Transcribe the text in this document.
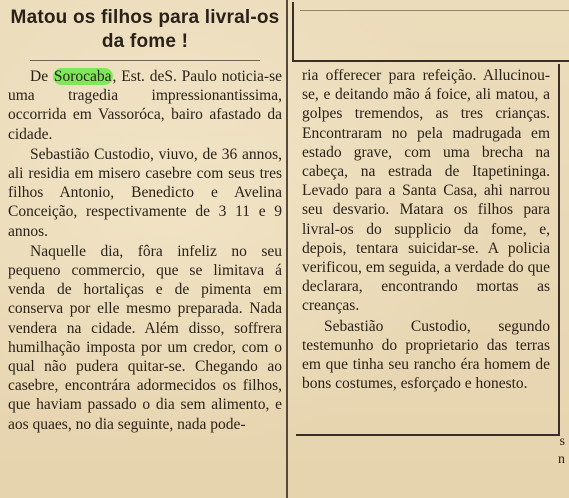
Matou os filhos para livral-os
da fome !

De Sorocaba, Est. deS. Paulo noticia-se uma tragedia impressionantissima, occorrida em Vassoróca, bairo afastado da cidade.

Sebastião Custodio, viuvo, de 36 annos, ali residia em misero casebre com seus tres filhos Antonio, Benedicto e Avelina Conceição, respectivamente de 3 11 e 9 annos.

Naquelle dia, fôra infeliz no seu pequeno commercio, que se limitava á venda de hortaliças e de pimenta em conserva por elle mesmo preparada. Nada vendera na cidade. Além disso, soffrera humilhação imposta por um credor, com o qual não pudera quitar-se. Chegando ao casebre, encontrára adormecidos os filhos, que haviam passado o dia sem alimento, e aos quaes, no dia seguinte, nada pode-

ria offerecer para refeição. Allucinou-se, e deitando mão á foice, ali matou, a golpes tremendos, as tres crianças. Encontraram no pela madrugada em estado grave, com uma brecha na cabeça, na estrada de Itapetininga. Levado para a Santa Casa, ahi narrou seu desvario. Matara os filhos para livral-os do supplicio da fome, e, depois, tentara suicidar-se. A policia verificou, em seguida, a verdade do que declarara, encontrando mortas as creanças.

Sebastião Custodio, segundo testemunho do proprietario das terras em que tinha seu rancho éra homem de bons costumes, esforçado e honesto.

s
n
